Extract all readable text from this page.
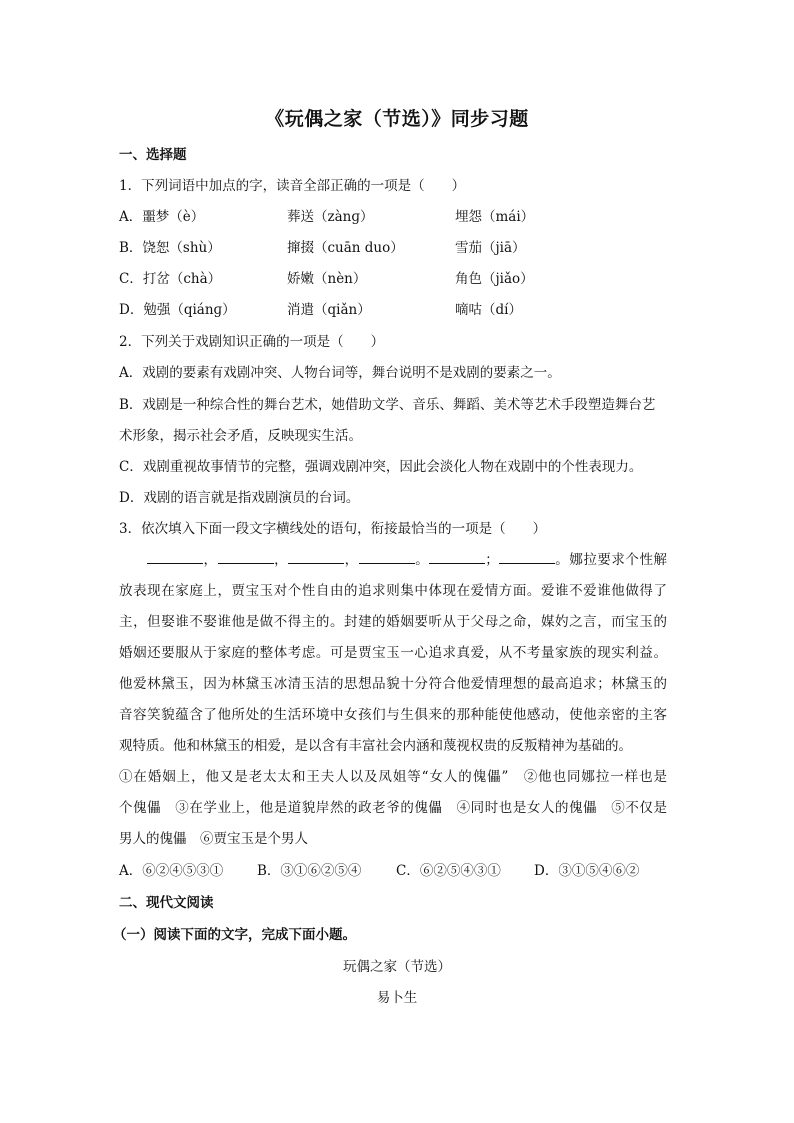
《玩偶之家（节选）》同步习题
一、选择题
1．下列词语中加点的字，读音全部正确的一项是（　　）
A．噩梦（è）	葬送（zànɡ）	埋怨（mái）
B．饶恕（shù）	撺掇（cuān duo）	雪茄（jiā）
C．打岔（chà）	娇嫩（nèn）	角色（jiǎo）
D．勉强（qiánɡ）	消遣（qiǎn）	嘀咕（dí）
2．下列关于戏剧知识正确的一项是（　　）
A．戏剧的要素有戏剧冲突、人物台词等，舞台说明不是戏剧的要素之一。
B．戏剧是一种综合性的舞台艺术，她借助文学、音乐、舞蹈、美术等艺术手段塑造舞台艺
术形象，揭示社会矛盾，反映现实生活。
C．戏剧重视故事情节的完整，强调戏剧冲突，因此会淡化人物在戏剧中的个性表现力。
D．戏剧的语言就是指戏剧演员的台词。
3．依次填入下面一段文字横线处的语句，衔接最恰当的一项是（　　）
，	，	，	。	；	。娜拉要求个性解
放表现在家庭上，贾宝玉对个性自由的追求则集中体现在爱情方面。爱谁不爱谁他做得了
主，但娶谁不娶谁他是做不得主的。封建的婚姻要听从于父母之命，媒妁之言，而宝玉的
婚姻还要服从于家庭的整体考虑。可是贾宝玉一心追求真爱，从不考量家族的现实利益。
他爱林黛玉，因为林黛玉冰清玉洁的思想品貌十分符合他爱情理想的最高追求；林黛玉的
音容笑貌蕴含了他所处的生活环境中女孩们与生俱来的那种能使他感动，使他亲密的主客
观特质。他和林黛玉的相爱，是以含有丰富社会内涵和蔑视权贵的反叛精神为基础的。
①在婚姻上，他又是老太太和王夫人以及凤姐等“女人的傀儡”　②他也同娜拉一样也是
个傀儡　③在学业上，他是道貌岸然的政老爷的傀儡　④同时也是女人的傀儡　⑤不仅是
男人的傀儡　⑥贾宝玉是个男人
A．⑥②④⑤③①	B．③①⑥②⑤④	C．⑥②⑤④③① D．③①⑤④⑥②
二、现代文阅读
（一）阅读下面的文字，完成下面小题。
玩偶之家（节选）
易卜生
